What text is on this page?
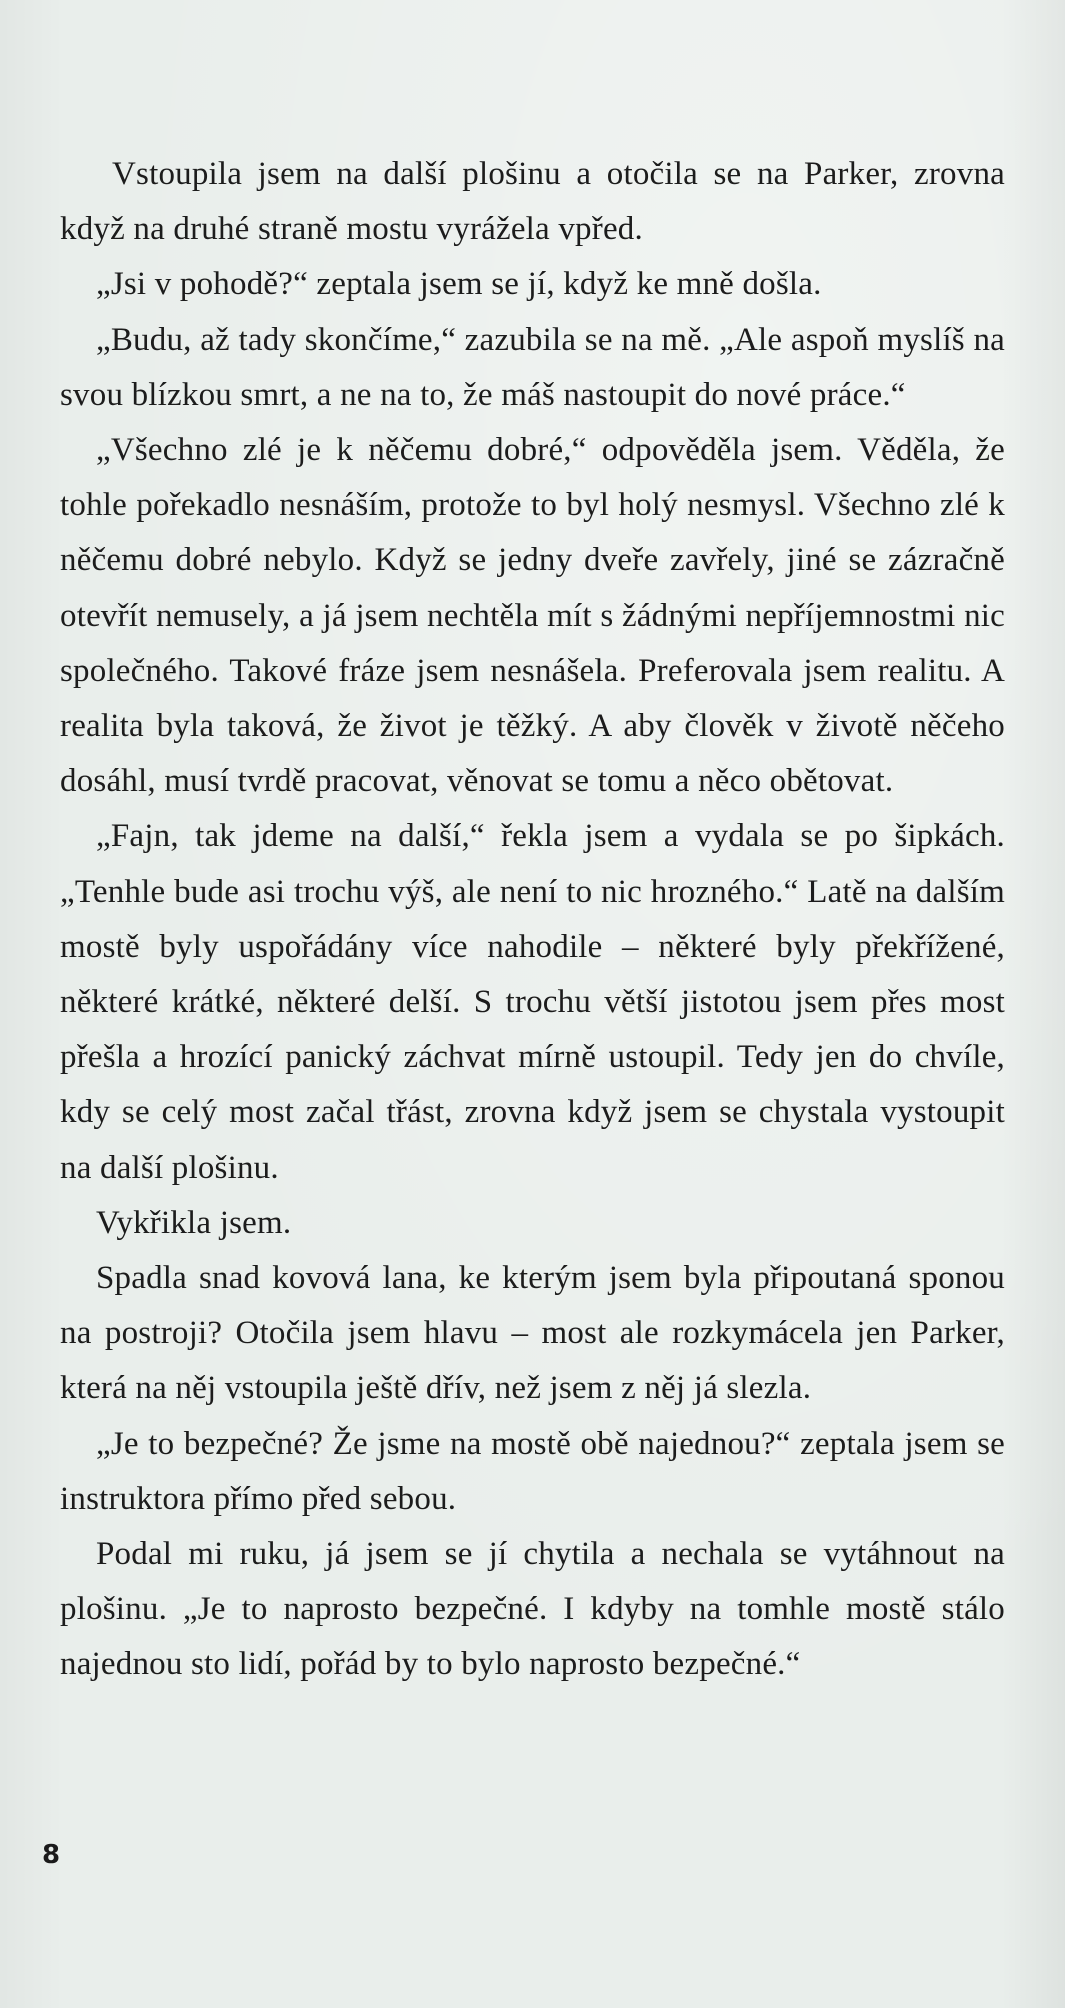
Vstoupila jsem na další plošinu a otočila se na Parker, zrovna když na druhé straně mostu vyrážela vpřed.

„Jsi v pohodě?“ zeptala jsem se jí, když ke mně došla.

„Budu, až tady skončíme,“ zazubila se na mě. „Ale aspoň myslíš na svou blízkou smrt, a ne na to, že máš nastoupit do nové práce.“

„Všechno zlé je k něčemu dobré,“ odpověděla jsem. Věděla, že tohle pořekadlo nesnáším, protože to byl holý nesmysl. Všechno zlé k něčemu dobré nebylo. Když se jedny dveře zavřely, jiné se zázračně otevřít nemusely, a já jsem nechtěla mít s žádnými nepříjemnostmi nic společného. Takové fráze jsem nesnášela. Preferovala jsem realitu. A realita byla taková, že život je těžký. A aby člověk v životě něčeho dosáhl, musí tvrdě pracovat, věnovat se tomu a něco obětovat.

„Fajn, tak jdeme na další,“ řekla jsem a vydala se po šipkách. „Tenhle bude asi trochu výš, ale není to nic hrozného.“ Latě na dalším mostě byly uspořádány více nahodile – některé byly překřížené, některé krátké, některé delší. S trochu větší jistotou jsem přes most přešla a hrozící panický záchvat mírně ustoupil. Tedy jen do chvíle, kdy se celý most začal třást, zrovna když jsem se chystala vystoupit na další plošinu.

Vykřikla jsem.

Spadla snad kovová lana, ke kterým jsem byla připoutaná sponou na postroji? Otočila jsem hlavu – most ale rozkymácela jen Parker, která na něj vstoupila ještě dřív, než jsem z něj já slezla.

„Je to bezpečné? Že jsme na mostě obě najednou?“ zeptala jsem se instruktora přímo před sebou.

Podal mi ruku, já jsem se jí chytila a nechala se vytáhnout na plošinu. „Je to naprosto bezpečné. I kdyby na tomhle mostě stálo najednou sto lidí, pořád by to bylo naprosto bezpečné.“

8
